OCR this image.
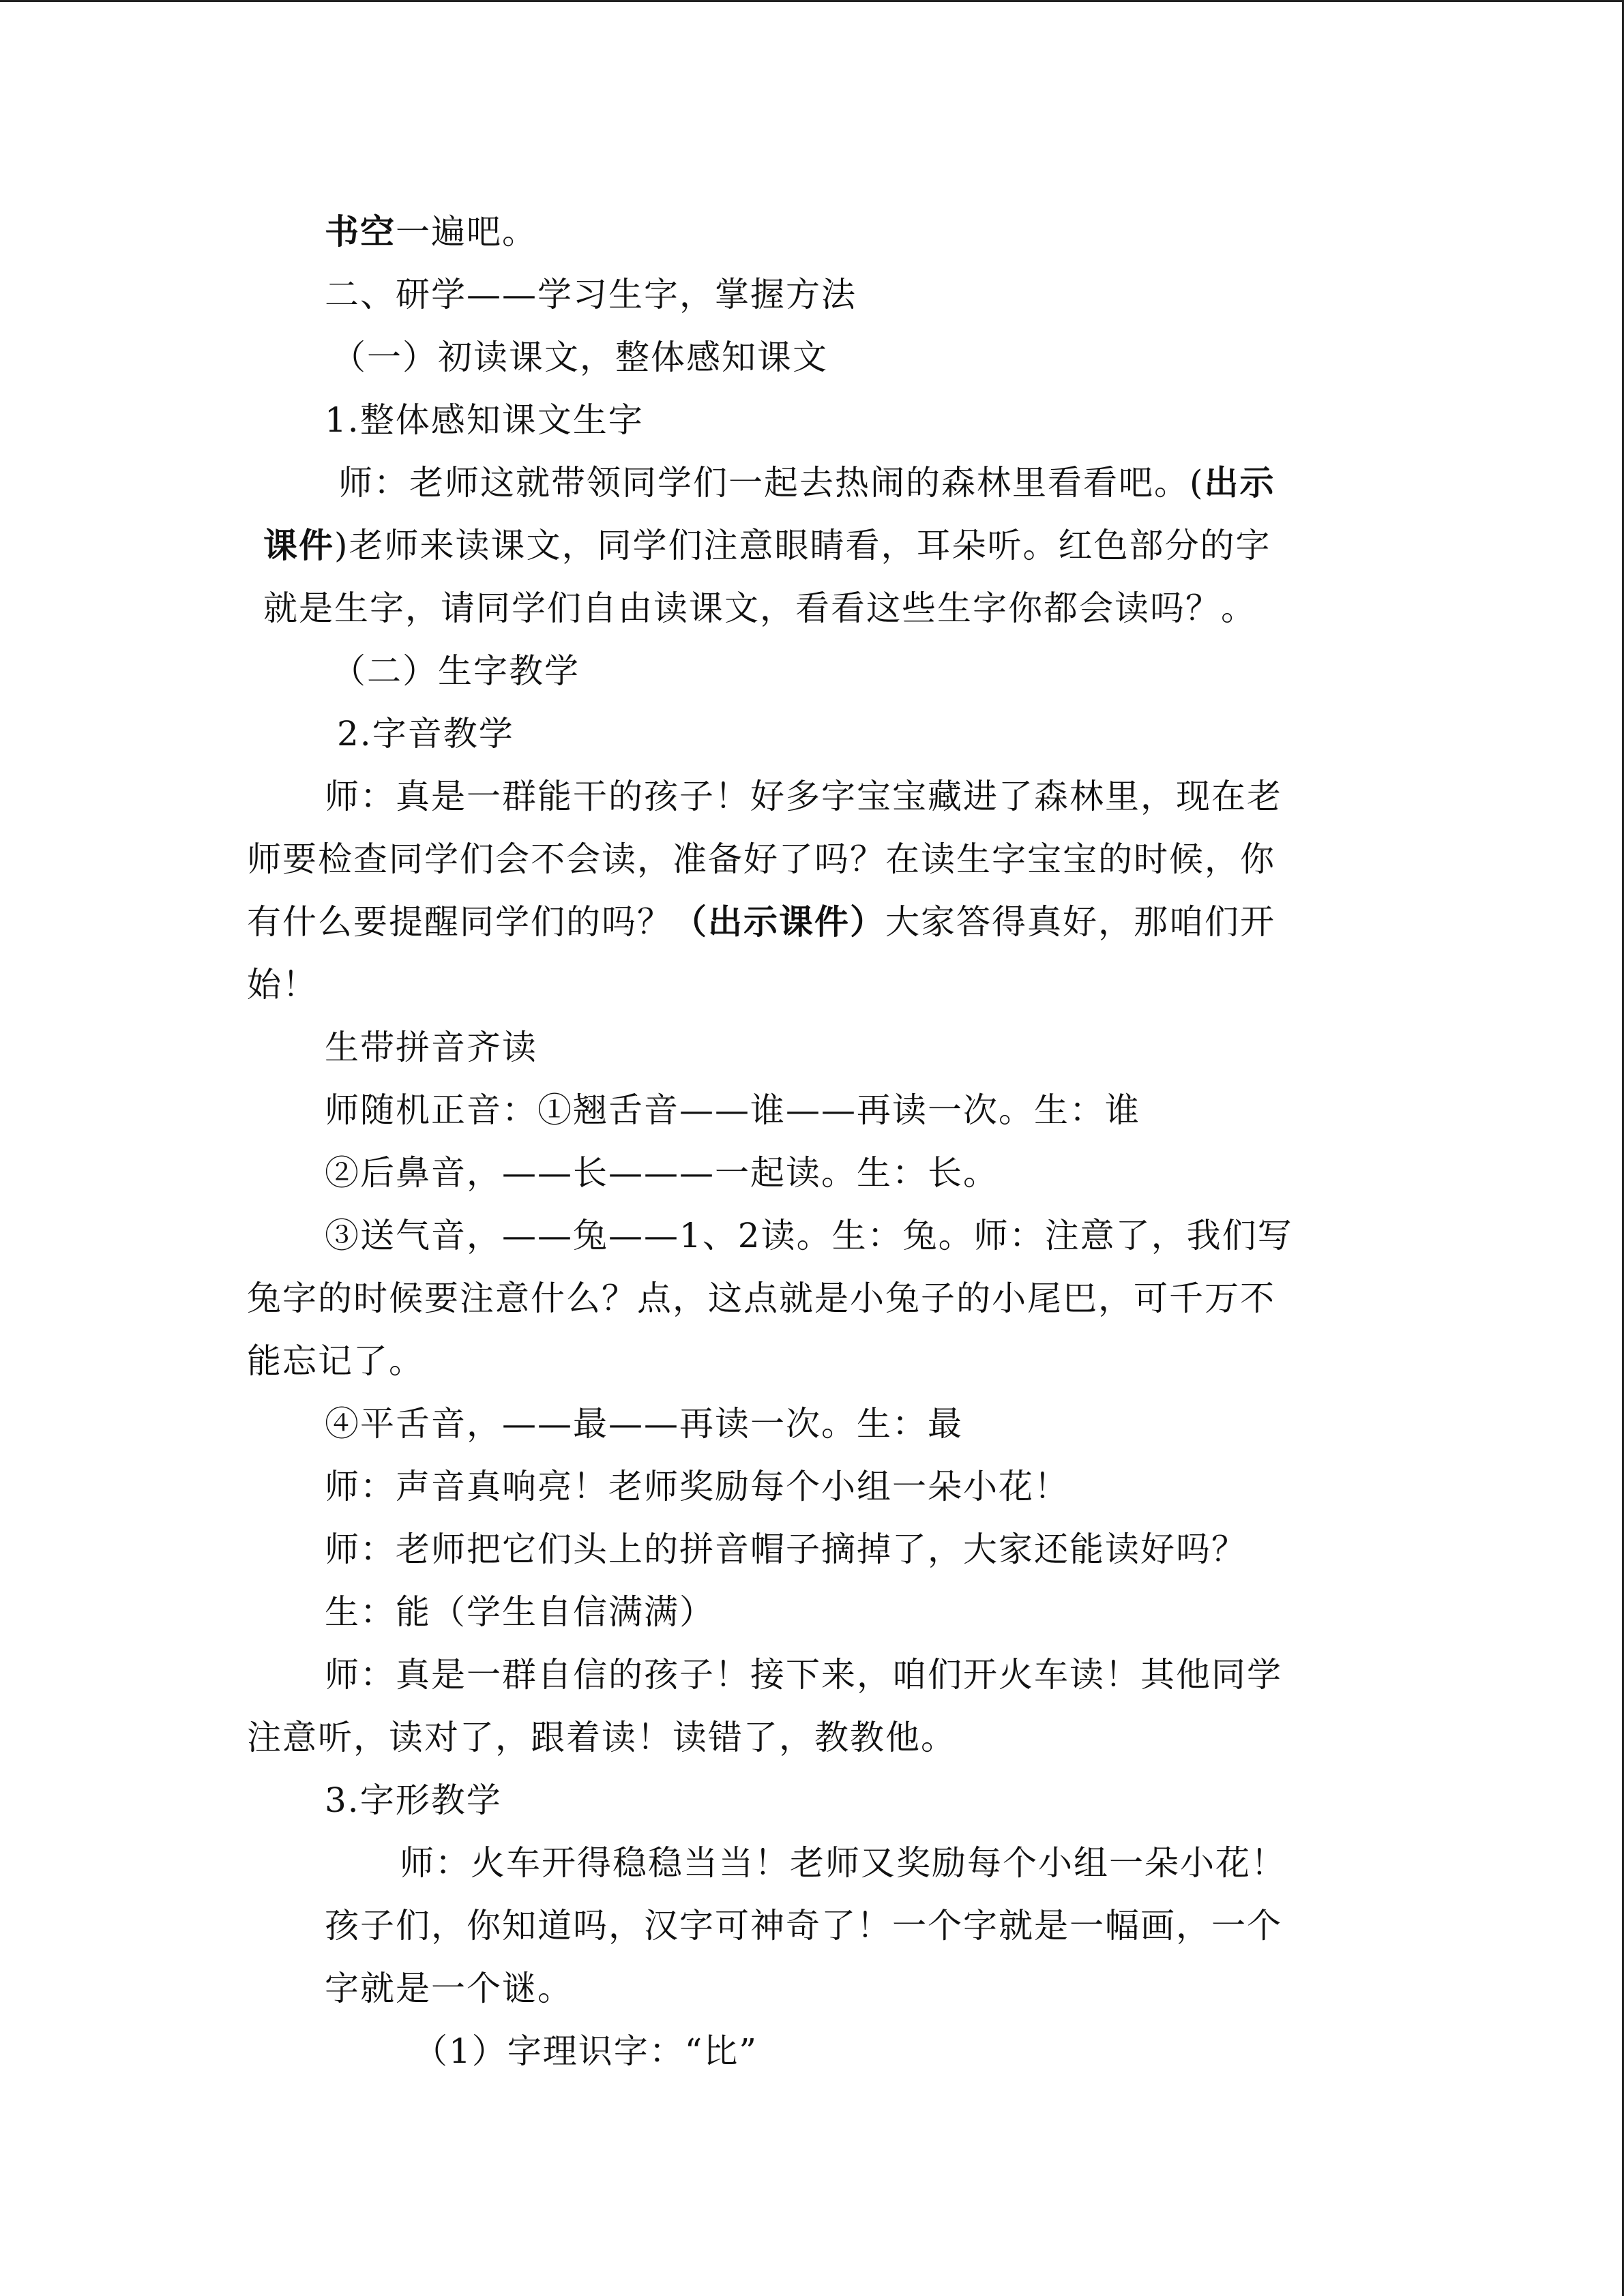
书空一遍吧。
二、研学——学习生字，掌握方法
（一）初读课文，整体感知课文
1.整体感知课文生字
师：老师这就带领同学们一起去热闹的森林里看看吧。(出示
课件)老师来读课文，同学们注意眼睛看，耳朵听。红色部分的字
就是生字，请同学们自由读课文，看看这些生字你都会读吗？。
（二）生字教学
2.字音教学
师：真是一群能干的孩子！好多字宝宝藏进了森林里，现在老
师要检查同学们会不会读，准备好了吗？在读生字宝宝的时候，你
有什么要提醒同学们的吗？（出示课件）大家答得真好，那咱们开
始！
生带拼音齐读
师随机正音：①翘舌音——谁——再读一次。生：谁
②后鼻音，——长———一起读。生：长。
③送气音，——兔——1、2读。生：兔。师：注意了，我们写
兔字的时候要注意什么？点，这点就是小兔子的小尾巴，可千万不
能忘记了。
④平舌音，——最——再读一次。生：最
师：声音真响亮！老师奖励每个小组一朵小花！
师：老师把它们头上的拼音帽子摘掉了，大家还能读好吗？
生：能（学生自信满满）
师：真是一群自信的孩子！接下来，咱们开火车读！其他同学
注意听，读对了，跟着读！读错了，教教他。
3.字形教学
师：火车开得稳稳当当！老师又奖励每个小组一朵小花！
孩子们，你知道吗，汉字可神奇了！一个字就是一幅画，一个
字就是一个谜。
（1）字理识字：“比”
